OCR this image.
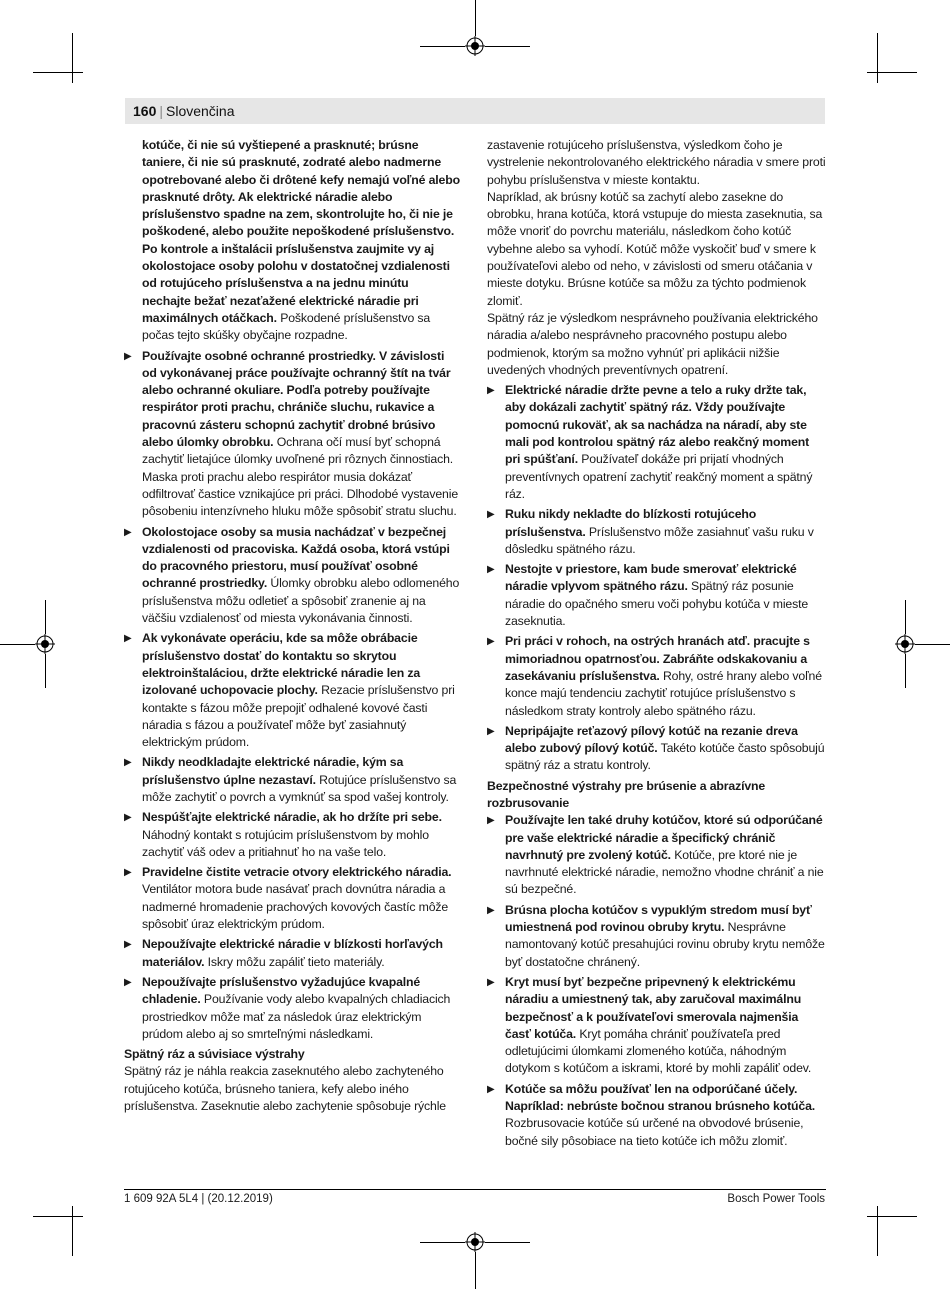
160 | Slovenčina

kotúče, či nie sú vyštiepené a prasknuté; brúsne taniere, či nie sú prasknuté, zodraté alebo nadmerne opotrebované alebo či drôtené kefy nemajú voľné alebo prasknuté drôty. Ak elektrické náradie alebo príslušenstvo spadne na zem, skontrolujte ho, či nie je poškodené, alebo použite nepoškodené príslušenstvo. Po kontrole a inštalácii príslušenstva zaujmite vy aj okolostojace osoby polohu v dostatočnej vzdialenosti od rotujúceho príslušenstva a na jednu minútu nechajte bežať nezaťažené elektrické náradie pri maximálnych otáčkach. Poškodené príslušenstvo sa počas tejto skúšky obyčajne rozpadne.

▶ Používajte osobné ochranné prostriedky. V závislosti od vykonávanej práce používajte ochranný štít na tvár alebo ochranné okuliare. Podľa potreby používajte respirátor proti prachu, chrániče sluchu, rukavice a pracovnú zásteru schopnú zachytiť drobné brúsivo alebo úlomky obrobku. Ochrana očí musí byť schopná zachytiť lietajúce úlomky uvoľnené pri rôznych činnostiach. Maska proti prachu alebo respirátor musia dokázať odfiltrovať častice vznikajúce pri práci. Dlhodobé vystavenie pôsobeniu intenzívneho hluku môže spôsobiť stratu sluchu.
▶ Okolostojace osoby sa musia nachádzať v bezpečnej vzdialenosti od pracoviska. Každá osoba, ktorá vstúpi do pracovného priestoru, musí používať osobné ochranné prostriedky. Úlomky obrobku alebo odlomeného príslušenstva môžu odletieť a spôsobiť zranenie aj na väčšiu vzdialenosť od miesta vykonávania činnosti.
▶ Ak vykonávate operáciu, kde sa môže obrábacie príslušenstvo dostať do kontaktu so skrytou elektroinštaláciou, držte elektrické náradie len za izolované uchopovacie plochy. Rezacie príslušenstvo pri kontakte s fázou môže prepojiť odhalené kovové časti náradia s fázou a používateľ môže byť zasiahnutý elektrickým prúdom.
▶ Nikdy neodkladajte elektrické náradie, kým sa príslušenstvo úplne nezastaví. Rotujúce príslušenstvo sa môže zachytiť o povrch a vymknúť sa spod vašej kontroly.
▶ Nespúšťajte elektrické náradie, ak ho držíte pri sebe. Náhodný kontakt s rotujúcim príslušenstvom by mohlo zachytiť váš odev a pritiahnuť ho na vaše telo.
▶ Pravidelne čistite vetracie otvory elektrického náradia. Ventilátor motora bude nasávať prach dovnútra náradia a nadmerné hromadenie prachových kovových častíc môže spôsobiť úraz elektrickým prúdom.
▶ Nepoužívajte elektrické náradie v blízkosti horľavých materiálov. Iskry môžu zapáliť tieto materiály.
▶ Nepoužívajte príslušenstvo vyžadujúce kvapalné chladenie. Používanie vody alebo kvapalných chladiacich prostriedkov môže mať za následok úraz elektrickým prúdom alebo aj so smrteľnými následkami.

Spätný ráz a súvisiace výstrahy

Spätný ráz je náhla reakcia zaseknutého alebo zachyteného rotujúceho kotúča, brúsneho taniera, kefy alebo iného príslušenstva. Zaseknutie alebo zachytenie spôsobuje rýchle

zastavenie rotujúceho príslušenstva, výsledkom čoho je vystrelenie nekontrolovaného elektrického náradia v smere proti pohybu príslušenstva v mieste kontaktu.

Napríklad, ak brúsny kotúč sa zachytí alebo zasekne do obrobku, hrana kotúča, ktorá vstupuje do miesta zaseknutia, sa môže vnoriť do povrchu materiálu, následkom čoho kotúč vybehne alebo sa vyhodí. Kotúč môže vyskočiť buď v smere k používateľovi alebo od neho, v závislosti od smeru otáčania v mieste dotyku. Brúsne kotúče sa môžu za týchto podmienok zlomiť.

Spätný ráz je výsledkom nesprávneho používania elektrického náradia a/alebo nesprávneho pracovného postupu alebo podmienok, ktorým sa možno vyhnúť pri aplikácii nižšie uvedených vhodných preventívnych opatrení.

▶ Elektrické náradie držte pevne a telo a ruky držte tak, aby dokázali zachytiť spätný ráz. Vždy používajte pomocnú rukoväť, ak sa nachádza na náradí, aby ste mali pod kontrolou spätný ráz alebo reakčný moment pri spúšťaní. Používateľ dokáže pri prijatí vhodných preventívnych opatrení zachytiť reakčný moment a spätný ráz.
▶ Ruku nikdy nekladte do blízkosti rotujúceho príslušenstva. Príslušenstvo môže zasiahnuť vašu ruku v dôsledku spätného rázu.
▶ Nestojte v priestore, kam bude smerovať elektrické náradie vplyvom spätného rázu. Spätný ráz posunie náradie do opačného smeru voči pohybu kotúča v mieste zaseknutia.
▶ Pri práci v rohoch, na ostrých hranách atď. pracujte s mimoriadnou opatrnosťou. Zabráňte odskakovaniu a zasekávaniu príslušenstva. Rohy, ostré hrany alebo voľné konce majú tendenciu zachytiť rotujúce príslušenstvo s následkom straty kontroly alebo spätného rázu.
▶ Nepripájajte reťazový pílový kotúč na rezanie dreva alebo zubový pílový kotúč. Takéto kotúče často spôsobujú spätný ráz a stratu kontroly.

Bezpečnostné výstrahy pre brúsenie a abrazívne rozbrusovanie

▶ Používajte len také druhy kotúčov, ktoré sú odporúčané pre vaše elektrické náradie a špecifický chránič navrhnutý pre zvolený kotúč. Kotúče, pre ktoré nie je navrhnuté elektrické náradie, nemožno vhodne chrániť a nie sú bezpečné.
▶ Brúsna plocha kotúčov s vypuklým stredom musí byť umiestnená pod rovinou obruby krytu. Nesprávne namontovaný kotúč presahujúci rovinu obruby krytu nemôže byť dostatočne chránený.
▶ Kryt musí byť bezpečne pripevnený k elektrickému náradiu a umiestnený tak, aby zaručoval maximálnu bezpečnosť a k používateľovi smerovala najmenšia časť kotúča. Kryt pomáha chrániť používateľa pred odletujúcimi úlomkami zlomeného kotúča, náhodným dotykom s kotúčom a iskrami, ktoré by mohli zapáliť odev.
▶ Kotúče sa môžu používať len na odporúčané účely. Napríklad: nebrúste bočnou stranou brúsneho kotúča. Rozbrusovacie kotúče sú určené na obvodové brúsenie, bočné sily pôsobiace na tieto kotúče ich môžu zlomiť.
1 609 92A 5L4 | (20.12.2019)	Bosch Power Tools
